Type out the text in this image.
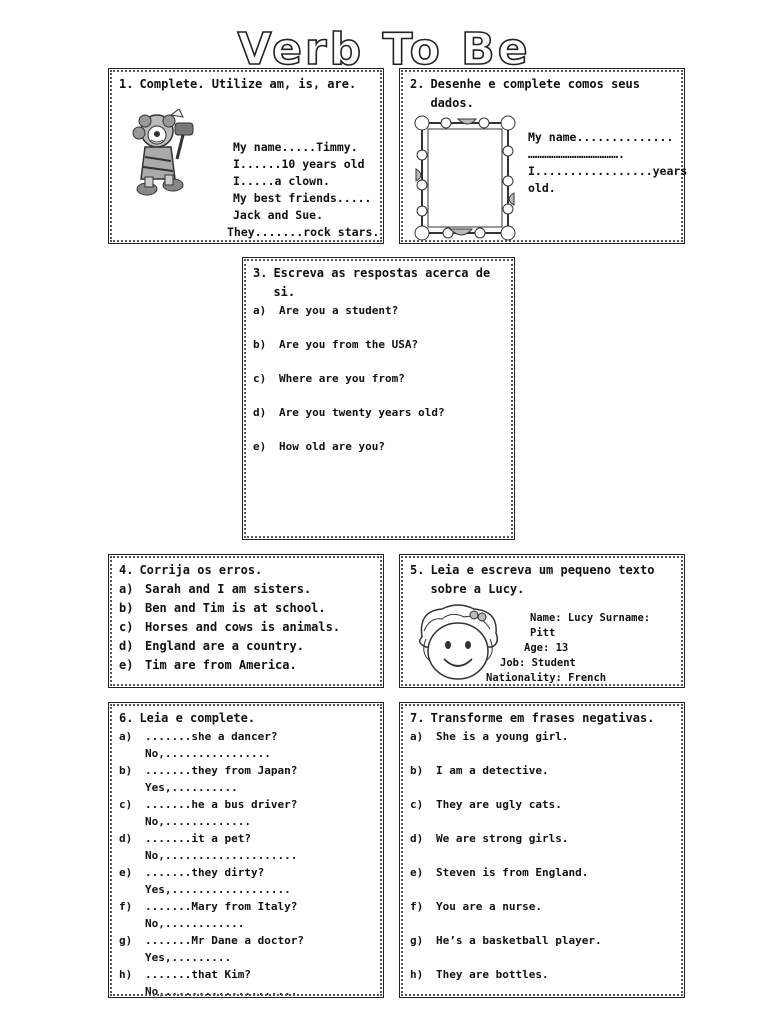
Verb To Be
1. Complete. Utilize am, is, are.
My name.....Timmy.
I......10 years old
I.....a clown.
My best friends.....
Jack and Sue.
They.......rock stars.
2. Desenhe e complete comos seus dados.
My name..............
………………………………….
I.................years
old.
3. Escreva as respostas acerca de si.
a)	Are you a student?
b)	Are you from the USA?
c)	Where are you from?
d)	Are you twenty years old?
e)	How old are you?
4. Corrija os erros.
a) Sarah and I am sisters.
b) Ben and Tim is at school.
c) Horses and cows is animals.
d) England are a country.
e) Tim are from America.
5. Leia e escreva um pequeno texto sobre a Lucy.
Name: Lucy Surname:
Pitt
Age: 13
Job: Student
Nationality: French
6. Leia e complete.
a)	.......she a dancer?
No,................
b)	.......they from Japan?
Yes,..........
c)	.......he a bus driver?
No,.............
d)	.......it a pet?
No,....................
e)	.......they dirty?
Yes,..................
f)	.......Mary from Italy?
No,............
g)	.......Mr Dane a doctor?
Yes,.........
h)	.......that Kim?
No,....................
7. Transforme em frases negativas.
a)	She is a young girl.
b)	I am a detective.
c)	They are ugly cats.
d)	We are strong girls.
e)	Steven is from England.
f)	You are a nurse.
g)	He’s a basketball player.
h)	They are bottles.
